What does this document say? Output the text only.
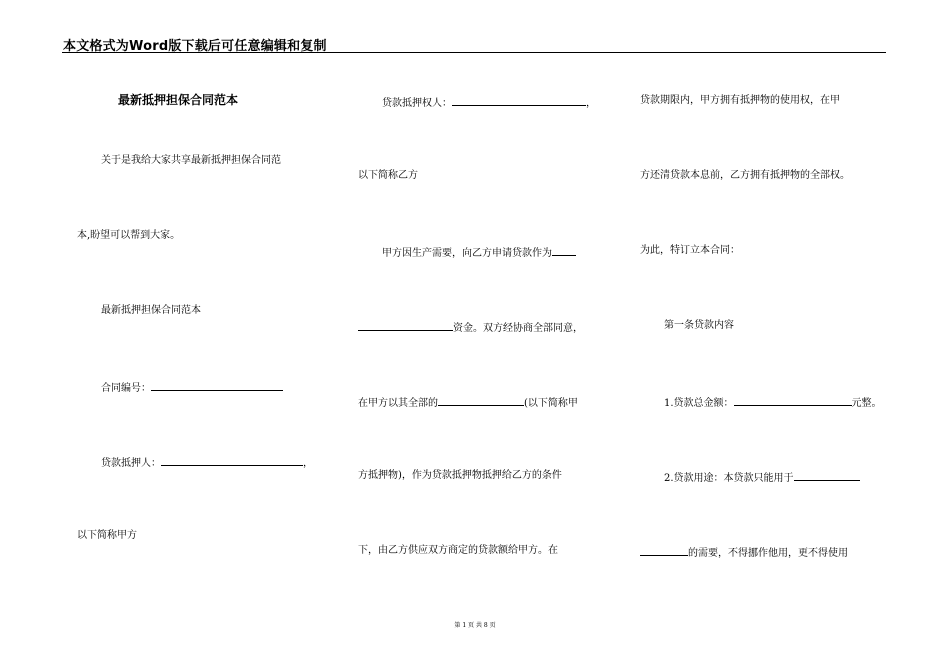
本文格式为Word版下载后可任意编辑和复制
最新抵押担保合同范本
关于是我给大家共享最新抵押担保合同范
本,盼望可以帮到大家。
最新抵押担保合同范本
合同编号：
贷款抵押人：	，
以下简称甲方
贷款抵押权人：	，
以下简称乙方
甲方因生产需要，向乙方申请贷款作为
资金。双方经协商全部同意，
在甲方以其全部的	(以下简称甲
方抵押物)，作为贷款抵押物抵押给乙方的条件
下，由乙方供应双方商定的贷款额给甲方。在
贷款期限内，甲方拥有抵押物的使用权，在甲
方还清贷款本息前，乙方拥有抵押物的全部权。
为此，特订立本合同：
第一条贷款内容
1.贷款总金额：	元整。
2.贷款用途：本贷款只能用于
的需要，不得挪作他用，更不得使用
第 1 页 共 8 页
